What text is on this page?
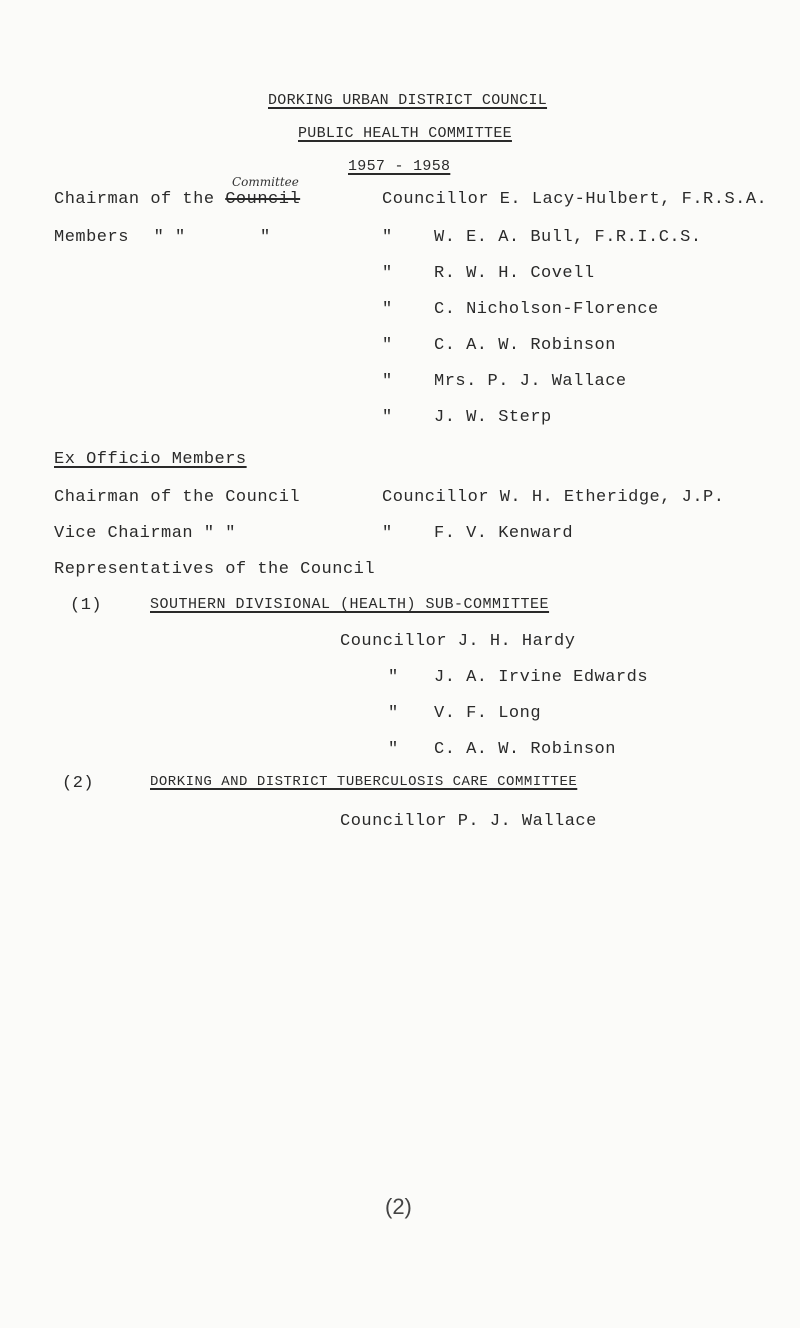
DORKING URBAN DISTRICT COUNCIL
PUBLIC HEALTH COMMITTEE
1957 - 1958
Committee
Chairman of the Council	Councillor E. Lacy-Hulbert, F.R.S.A.
Members " "	"	" W. E. A. Bull, F.R.I.C.S.
" R. W. H. Covell
" C. Nicholson-Florence
" C. A. W. Robinson
" Mrs. P. J. Wallace
" J. W. Sterp
Ex Officio Members
Chairman of the Council	Councillor W. H. Etheridge, J.P.
Vice Chairman " "	" F. V. Kenward
Representatives of the Council
(1)	SOUTHERN DIVISIONAL (HEALTH) SUB-COMMITTEE
Councillor J. H. Hardy
" J. A. Irvine Edwards
" V. F. Long
" C. A. W. Robinson
(2)	DORKING AND DISTRICT TUBERCULOSIS CARE COMMITTEE
Councillor P. J. Wallace
(2)
